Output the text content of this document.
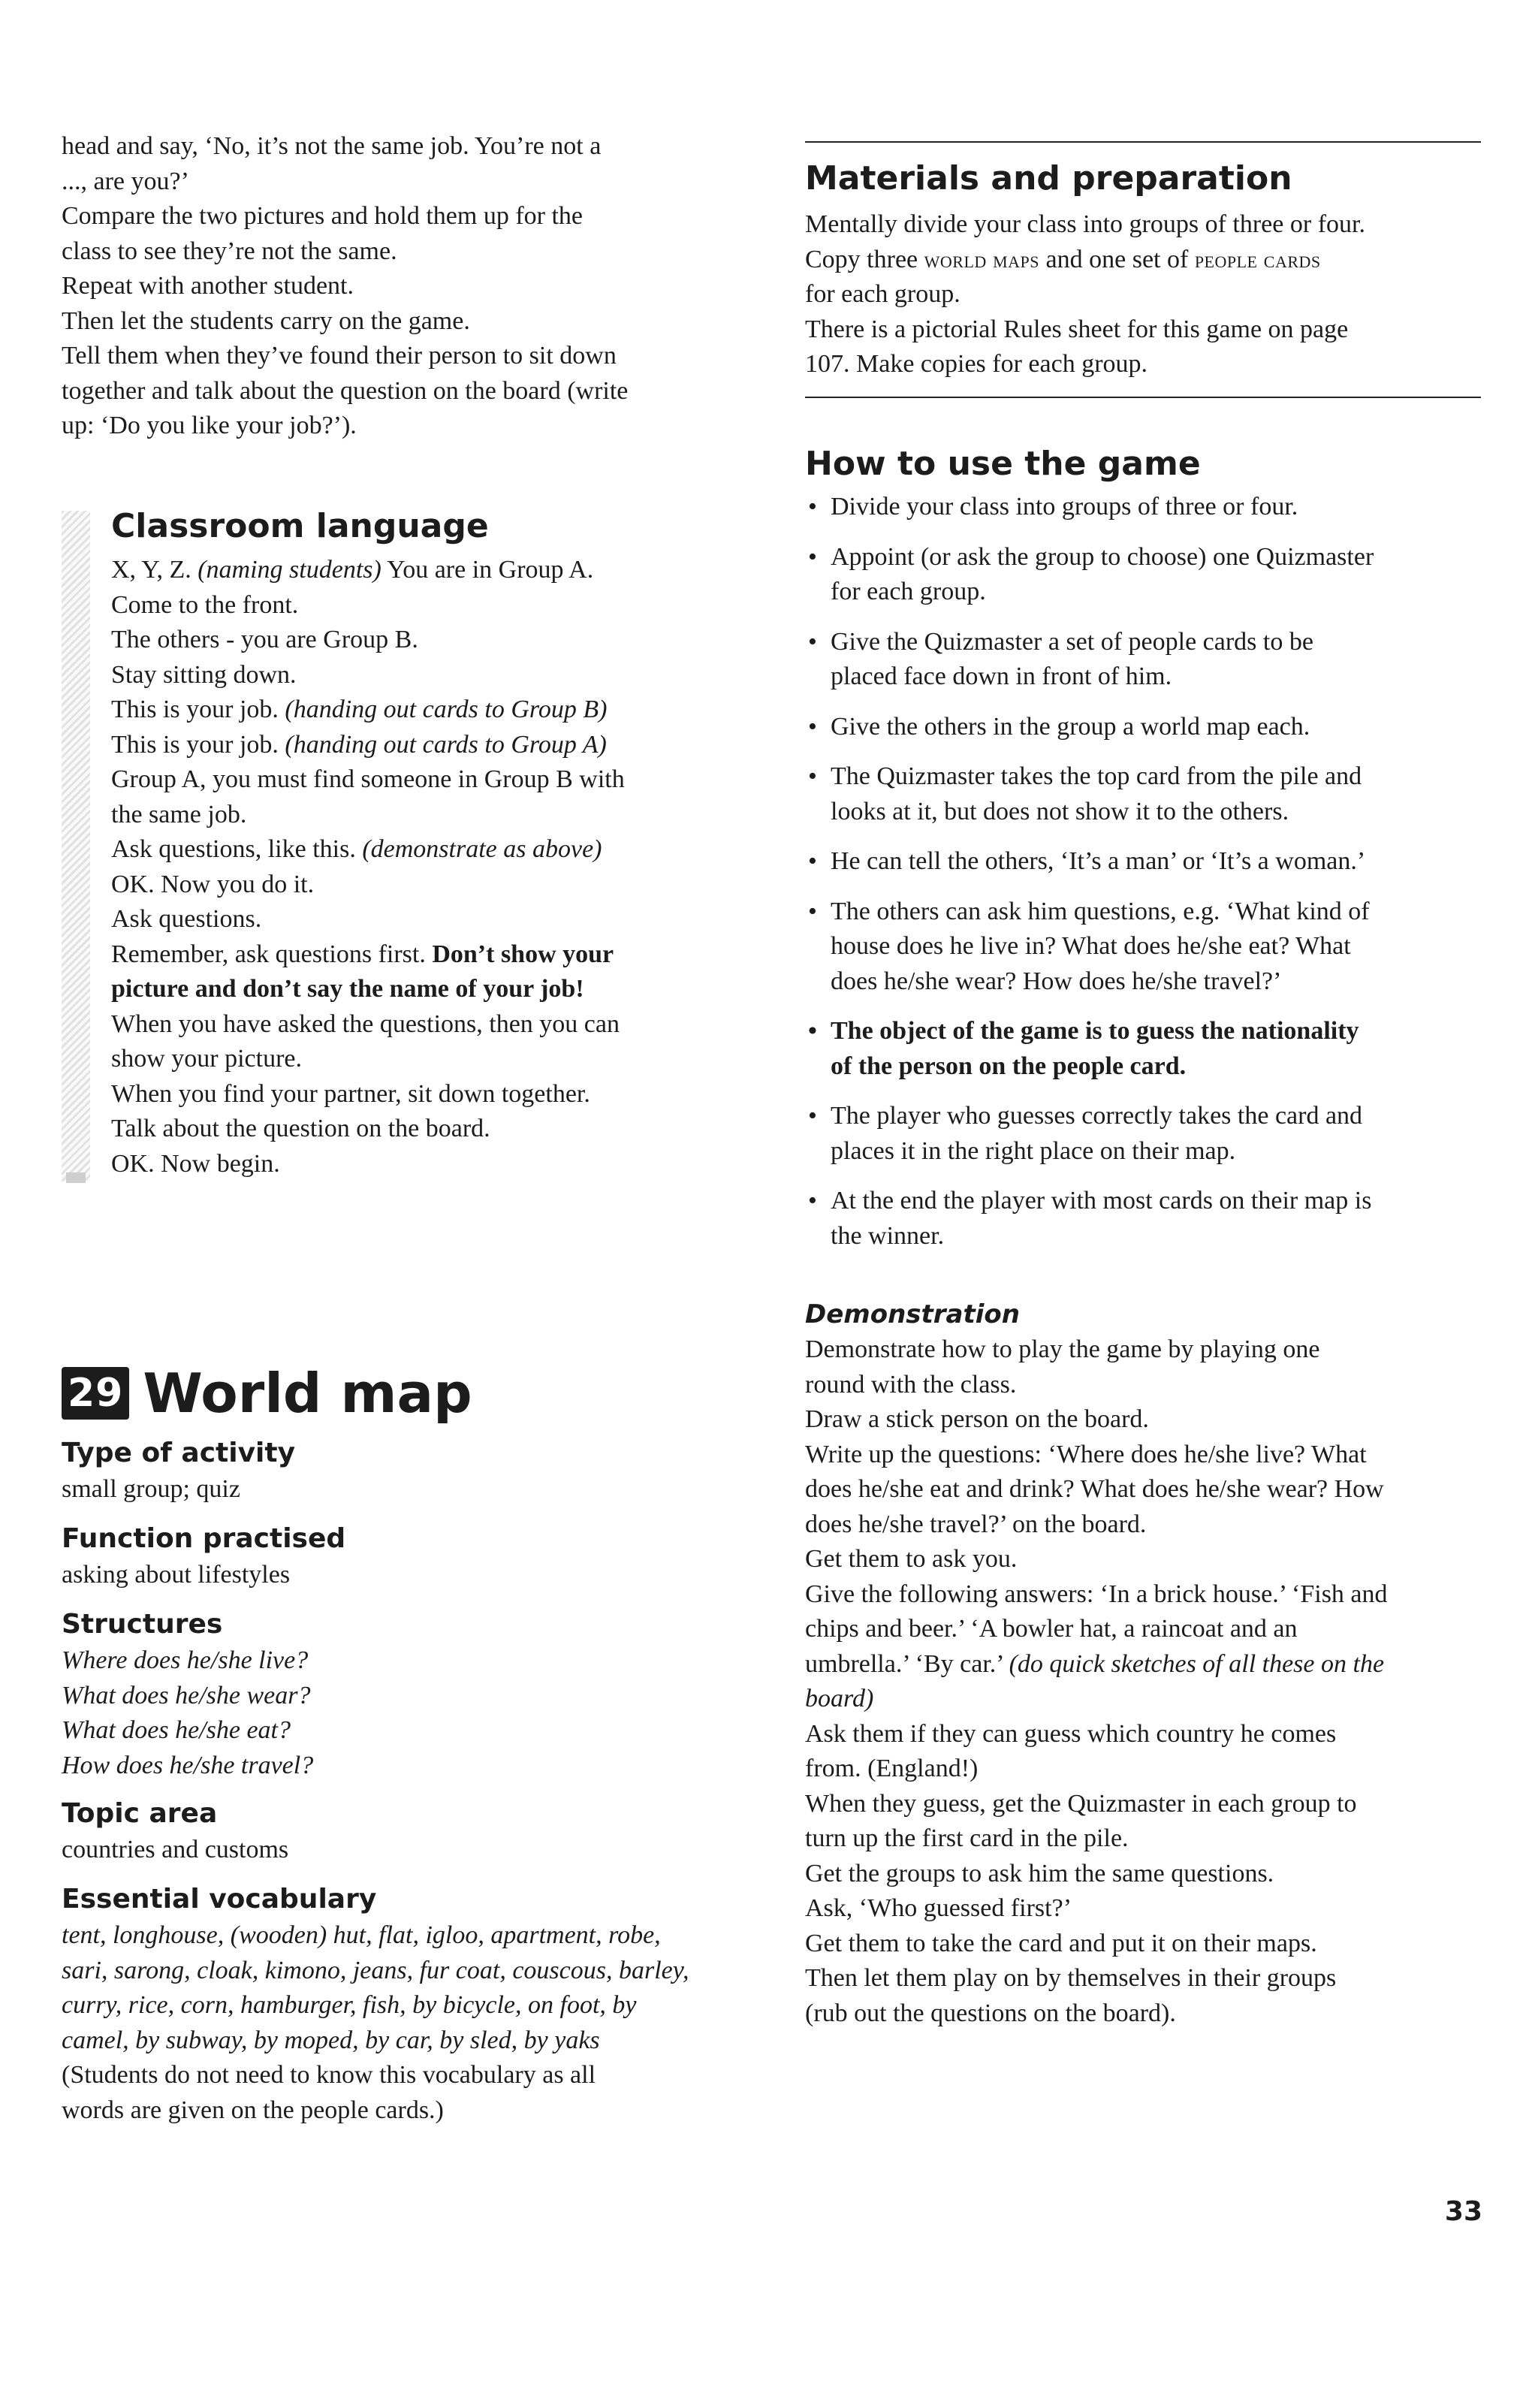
head and say, ‘No, it’s not the same job. You’re not a
..., are you?’
Compare the two pictures and hold them up for the
class to see they’re not the same.
Repeat with another student.
Then let the students carry on the game.
Tell them when they’ve found their person to sit down
together and talk about the question on the board (write
up: ‘Do you like your job?’).
Classroom language
X, Y, Z. (naming students) You are in Group A.
Come to the front.
The others - you are Group B.
Stay sitting down.
This is your job. (handing out cards to Group B)
This is your job. (handing out cards to Group A)
Group A, you must find someone in Group B with
the same job.
Ask questions, like this. (demonstrate as above)
OK. Now you do it.
Ask questions.
Remember, ask questions first. Don’t show your
picture and don’t say the name of your job!
When you have asked the questions, then you can
show your picture.
When you find your partner, sit down together.
Talk about the question on the board.
OK. Now begin.
29 World map
Type of activity
small group; quiz
Function practised
asking about lifestyles
Structures
Where does he/she live?
What does he/she wear?
What does he/she eat?
How does he/she travel?
Topic area
countries and customs
Essential vocabulary
tent, longhouse, (wooden) hut, flat, igloo, apartment, robe,
sari, sarong, cloak, kimono, jeans, fur coat, couscous, barley,
curry, rice, corn, hamburger, fish, by bicycle, on foot, by
camel, by subway, by moped, by car, by sled, by yaks
(Students do not need to know this vocabulary as all
words are given on the people cards.)
Materials and preparation
Mentally divide your class into groups of three or four.
Copy three world maps and one set of people cards
for each group.
There is a pictorial Rules sheet for this game on page
107. Make copies for each group.
How to use the game
• Divide your class into groups of three or four.
• Appoint (or ask the group to choose) one Quizmaster
for each group.
• Give the Quizmaster a set of people cards to be
placed face down in front of him.
• Give the others in the group a world map each.
• The Quizmaster takes the top card from the pile and
looks at it, but does not show it to the others.
• He can tell the others, ‘It’s a man’ or ‘It’s a woman.’
• The others can ask him questions, e.g. ‘What kind of
house does he live in? What does he/she eat? What
does he/she wear? How does he/she travel?’
• The object of the game is to guess the nationality
of the person on the people card.
• The player who guesses correctly takes the card and
places it in the right place on their map.
• At the end the player with most cards on their map is
the winner.
Demonstration
Demonstrate how to play the game by playing one
round with the class.
Draw a stick person on the board.
Write up the questions: ‘Where does he/she live? What
does he/she eat and drink? What does he/she wear? How
does he/she travel?’ on the board.
Get them to ask you.
Give the following answers: ‘In a brick house.’ ‘Fish and
chips and beer.’ ‘A bowler hat, a raincoat and an
umbrella.’ ‘By car.’ (do quick sketches of all these on the
board)
Ask them if they can guess which country he comes
from. (England!)
When they guess, get the Quizmaster in each group to
turn up the first card in the pile.
Get the groups to ask him the same questions.
Ask, ‘Who guessed first?’
Get them to take the card and put it on their maps.
Then let them play on by themselves in their groups
(rub out the questions on the board).
33
